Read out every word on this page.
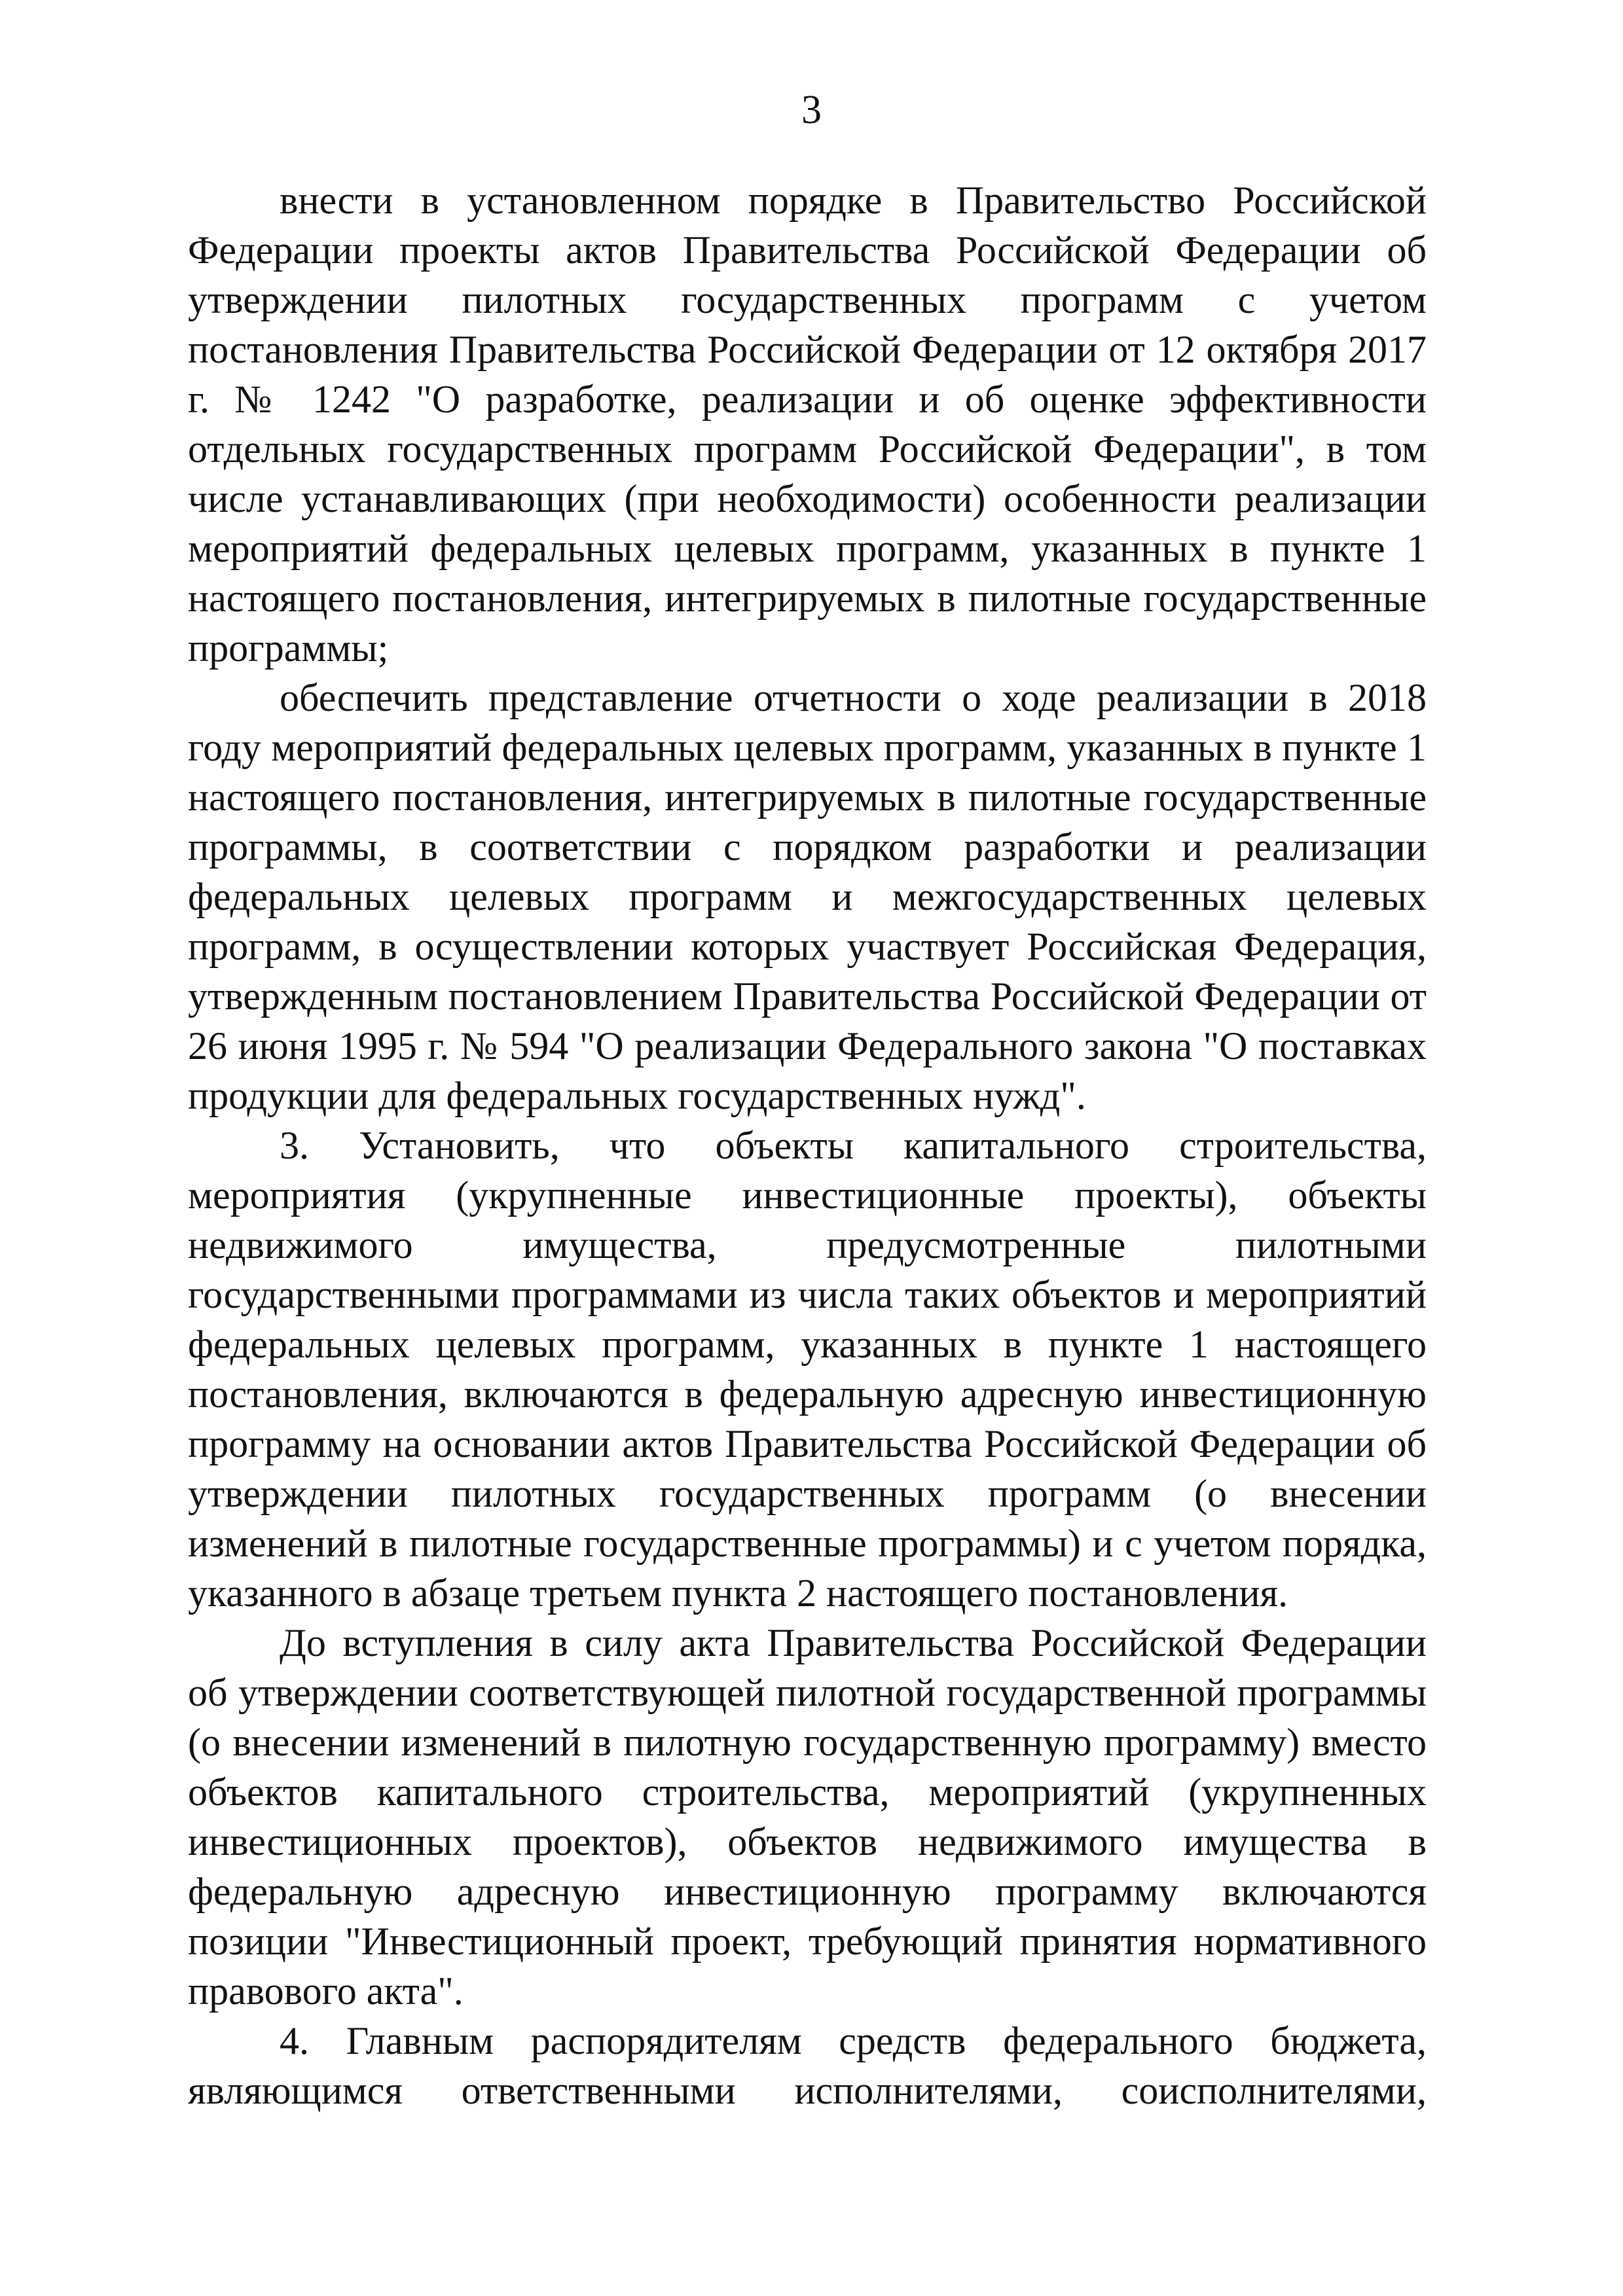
3

внести в установленном порядке в Правительство Российской Федерации проекты актов Правительства Российской Федерации об утверждении пилотных государственных программ с учетом постановления Правительства Российской Федерации от 12 октября 2017 г. № 1242 "О разработке, реализации и об оценке эффективности отдельных государственных программ Российской Федерации", в том числе устанавливающих (при необходимости) особенности реализации мероприятий федеральных целевых программ, указанных в пункте 1 настоящего постановления, интегрируемых в пилотные государственные программы;

обеспечить представление отчетности о ходе реализации в 2018 году мероприятий федеральных целевых программ, указанных в пункте 1 настоящего постановления, интегрируемых в пилотные государственные программы, в соответствии с порядком разработки и реализации федеральных целевых программ и межгосударственных целевых программ, в осуществлении которых участвует Российская Федерация, утвержденным постановлением Правительства Российской Федерации от 26 июня 1995 г. № 594 "О реализации Федерального закона "О поставках продукции для федеральных государственных нужд".

3. Установить, что объекты капитального строительства, мероприятия (укрупненные инвестиционные проекты), объекты недвижимого имущества, предусмотренные пилотными государственными программами из числа таких объектов и мероприятий федеральных целевых программ, указанных в пункте 1 настоящего постановления, включаются в федеральную адресную инвестиционную программу на основании актов Правительства Российской Федерации об утверждении пилотных государственных программ (о внесении изменений в пилотные государственные программы) и с учетом порядка, указанного в абзаце третьем пункта 2 настоящего постановления.

До вступления в силу акта Правительства Российской Федерации об утверждении соответствующей пилотной государственной программы (о внесении изменений в пилотную государственную программу) вместо объектов капитального строительства, мероприятий (укрупненных инвестиционных проектов), объектов недвижимого имущества в федеральную адресную инвестиционную программу включаются позиции "Инвестиционный проект, требующий принятия нормативного правового акта".

4. Главным распорядителям средств федерального бюджета, являющимся ответственными исполнителями, соисполнителями,
